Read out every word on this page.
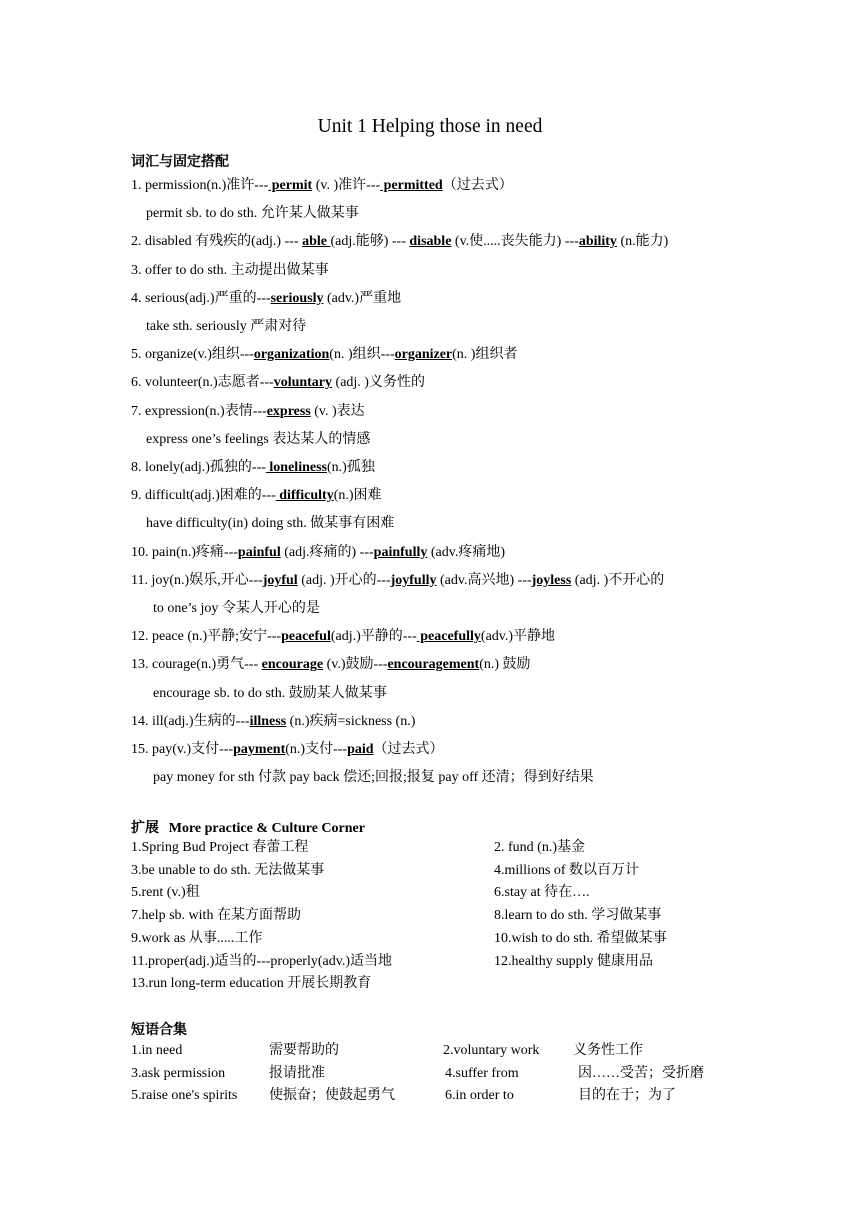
Unit 1 Helping those in need
词汇与固定搭配
1. permission(n.)准许--- permit (v. )准许--- permitted（过去式）
permit sb. to do sth. 允许某人做某事
2. disabled 有残疾的(adj.) --- able (adj.能够) --- disable (v.使.....丧失能力) ---ability (n.能力)
3. offer to do sth. 主动提出做某事
4. serious(adj.)严重的---seriously (adv.)严重地
take sth. seriously 严肃对待
5. organize(v.)组织---organization(n. )组织---organizer(n. )组织者
6. volunteer(n.)志愿者---voluntary (adj. )义务性的
7. expression(n.)表情---express (v. )表达
express one’s feelings 表达某人的情感
8. lonely(adj.)孤独的--- loneliness(n.)孤独
9. difficult(adj.)困难的--- difficulty(n.)困难
have difficulty(in) doing sth. 做某事有困难
10. pain(n.)疼痛---painful (adj.疼痛的) ---painfully (adv.疼痛地)
11. joy(n.)娱乐,开心---joyful (adj. )开心的---joyfully (adv.高兴地) ---joyless (adj. )不开心的
to one’s joy 令某人开心的是
12. peace (n.)平静;安宁---peaceful(adj.)平静的--- peacefully(adv.)平静地
13. courage(n.)勇气--- encourage (v.)鼓励---encouragement(n.) 鼓励
encourage sb. to do sth. 鼓励某人做某事
14. ill(adj.)生病的---illness (n.)疾病=sickness (n.)
15. pay(v.)支付---payment(n.)支付---paid（过去式）
pay money for sth 付款 pay back 偿还;回报;报复 pay off 还清；得到好结果
扩展 More practice & Culture Corner
1.Spring Bud Project 春蕾工程	2. fund (n.)基金
3.be unable to do sth. 无法做某事	4.millions of 数以百万计
5.rent (v.)租	6.stay at 待在….
7.help sb. with 在某方面帮助	8.learn to do sth. 学习做某事
9.work as 从事.....工作	10.wish to do sth. 希望做某事
11.proper(adj.)适当的---properly(adv.)适当地	12.healthy supply 健康用品
13.run long-term education 开展长期教育
短语合集
1.in need	需要帮助的	2.voluntary work 义务性工作
3.ask permission	报请批准	4.suffer from	因……受苦；受折磨
5.raise one's spirits 使振奋；使鼓起勇气	6.in order to	目的在于；为了
